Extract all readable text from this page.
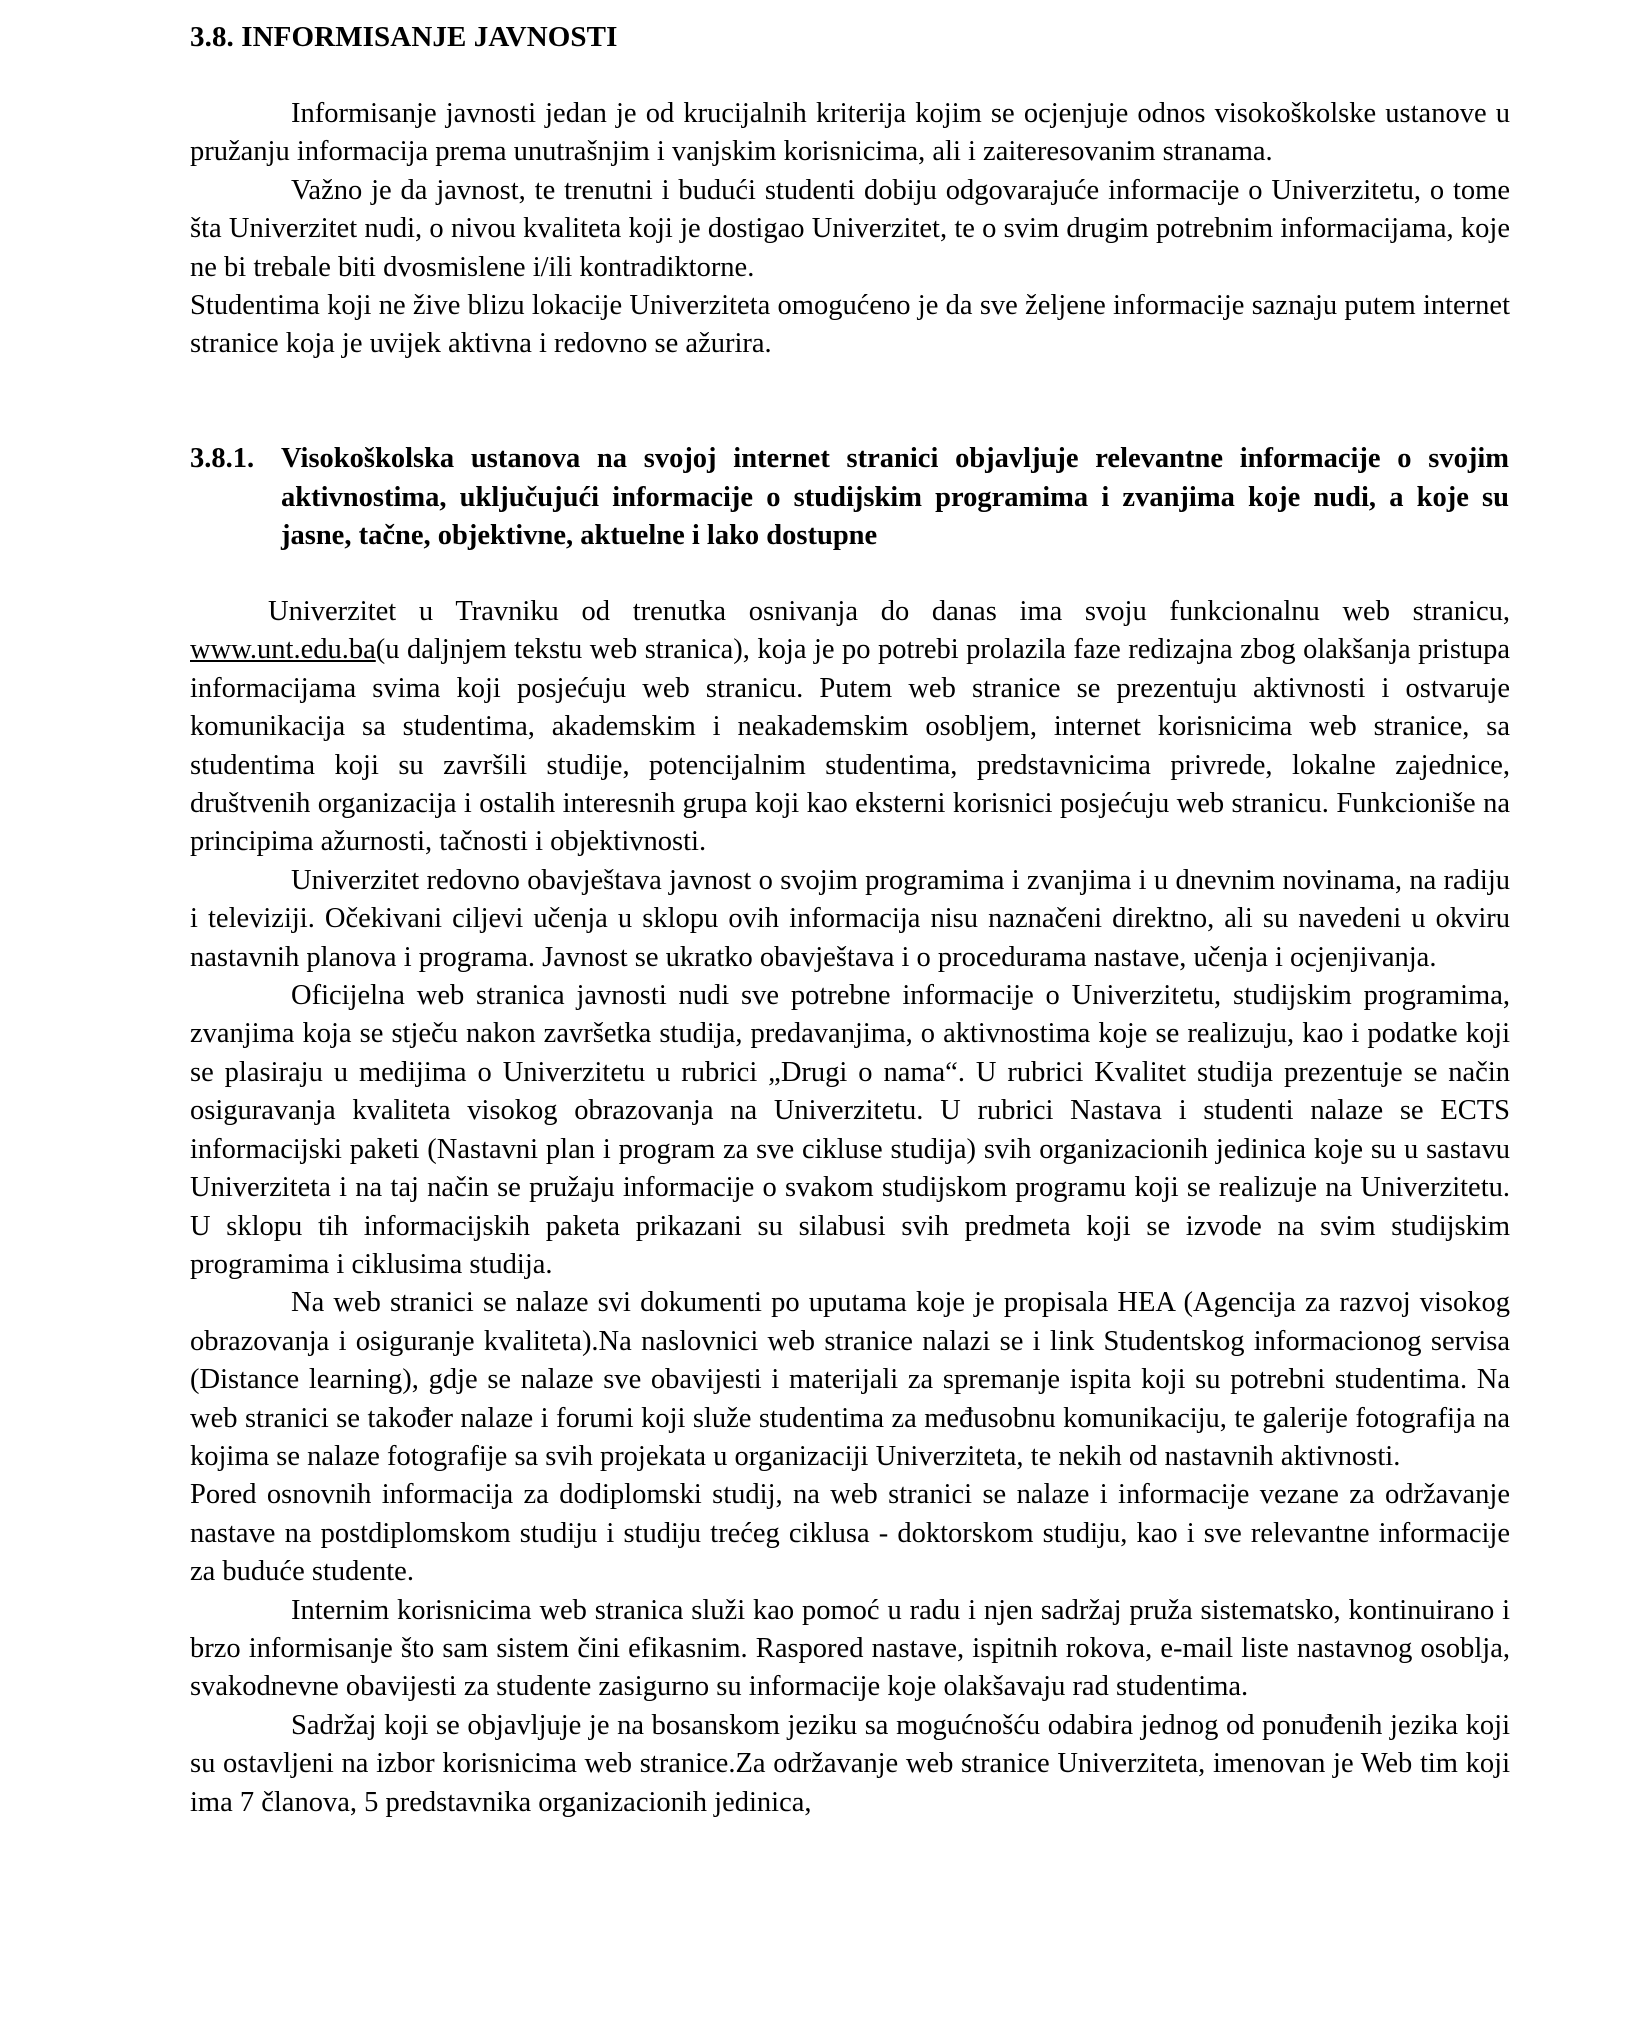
3.8. INFORMISANJE JAVNOSTI

Informisanje javnosti jedan je od krucijalnih kriterija kojim se ocjenjuje odnos visokoškolske ustanove u pružanju informacija prema unutrašnjim i vanjskim korisnicima, ali i zaiteresovanim stranama.

Važno je da javnost, te trenutni i budući studenti dobiju odgovarajuće informacije o Univerzitetu, o tome šta Univerzitet nudi, o nivou kvaliteta koji je dostigao Univerzitet, te o svim drugim potrebnim informacijama, koje ne bi trebale biti dvosmislene i/ili kontradiktorne.

Studentima koji ne žive blizu lokacije Univerziteta omogućeno je da sve željene informacije saznaju putem internet stranice koja je uvijek aktivna i redovno se ažurira.

3.8.1. Visokoškolska ustanova na svojoj internet stranici objavljuje relevantne informacije o svojim aktivnostima, uključujući informacije o studijskim programima i zvanjima koje nudi, a koje su jasne, tačne, objektivne, aktuelne i lako dostupne

Univerzitet u Travniku od trenutka osnivanja do danas ima svoju funkcionalnu web stranicu, www.unt.edu.ba(u daljnjem tekstu web stranica), koja je po potrebi prolazila faze redizajna zbog olakšanja pristupa informacijama svima koji posjećuju web stranicu. Putem web stranice se prezentuju aktivnosti i ostvaruje komunikacija sa studentima, akademskim i neakademskim osobljem, internet korisnicima web stranice, sa studentima koji su završili studije, potencijalnim studentima, predstavnicima privrede, lokalne zajednice, društvenih organizacija i ostalih interesnih grupa koji kao eksterni korisnici posjećuju web stranicu. Funkcioniše na principima ažurnosti, tačnosti i objektivnosti.

Univerzitet redovno obavještava javnost o svojim programima i zvanjima i u dnevnim novinama, na radiju i televiziji. Očekivani ciljevi učenja u sklopu ovih informacija nisu naznačeni direktno, ali su navedeni u okviru nastavnih planova i programa. Javnost se ukratko obavještava i o procedurama nastave, učenja i ocjenjivanja.

Oficijelna web stranica javnosti nudi sve potrebne informacije o Univerzitetu, studijskim programima, zvanjima koja se stječu nakon završetka studija, predavanjima, o aktivnostima koje se realizuju, kao i podatke koji se plasiraju u medijima o Univerzitetu u rubrici „Drugi o nama“. U rubrici Kvalitet studija prezentuje se način osiguravanja kvaliteta visokog obrazovanja na Univerzitetu. U rubrici Nastava i studenti nalaze se ECTS informacijski paketi (Nastavni plan i program za sve cikluse studija) svih organizacionih jedinica koje su u sastavu Univerziteta i na taj način se pružaju informacije o svakom studijskom programu koji se realizuje na Univerzitetu. U sklopu tih informacijskih paketa prikazani su silabusi svih predmeta koji se izvode na svim studijskim programima i ciklusima studija.

Na web stranici se nalaze svi dokumenti po uputama koje je propisala HEA (Agencija za razvoj visokog obrazovanja i osiguranje kvaliteta).Na naslovnici web stranice nalazi se i link Studentskog informacionog servisa (Distance learning), gdje se nalaze sve obavijesti i materijali za spremanje ispita koji su potrebni studentima. Na web stranici se također nalaze i forumi koji služe studentima za međusobnu komunikaciju, te galerije fotografija na kojima se nalaze fotografije sa svih projekata u organizaciji Univerziteta, te nekih od nastavnih aktivnosti.

Pored osnovnih informacija za dodiplomski studij, na web stranici se nalaze i informacije vezane za održavanje nastave na postdiplomskom studiju i studiju trećeg ciklusa - doktorskom studiju, kao i sve relevantne informacije za buduće studente.

Internim korisnicima web stranica služi kao pomoć u radu i njen sadržaj pruža sistematsko, kontinuirano i brzo informisanje što sam sistem čini efikasnim. Raspored nastave, ispitnih rokova, e-mail liste nastavnog osoblja, svakodnevne obavijesti za studente zasigurno su informacije koje olakšavaju rad studentima.

Sadržaj koji se objavljuje je na bosanskom jeziku sa mogućnošću odabira jednog od ponuđenih jezika koji su ostavljeni na izbor korisnicima web stranice.Za održavanje web stranice Univerziteta, imenovan je Web tim koji ima 7 članova, 5 predstavnika organizacionih jedinica,
